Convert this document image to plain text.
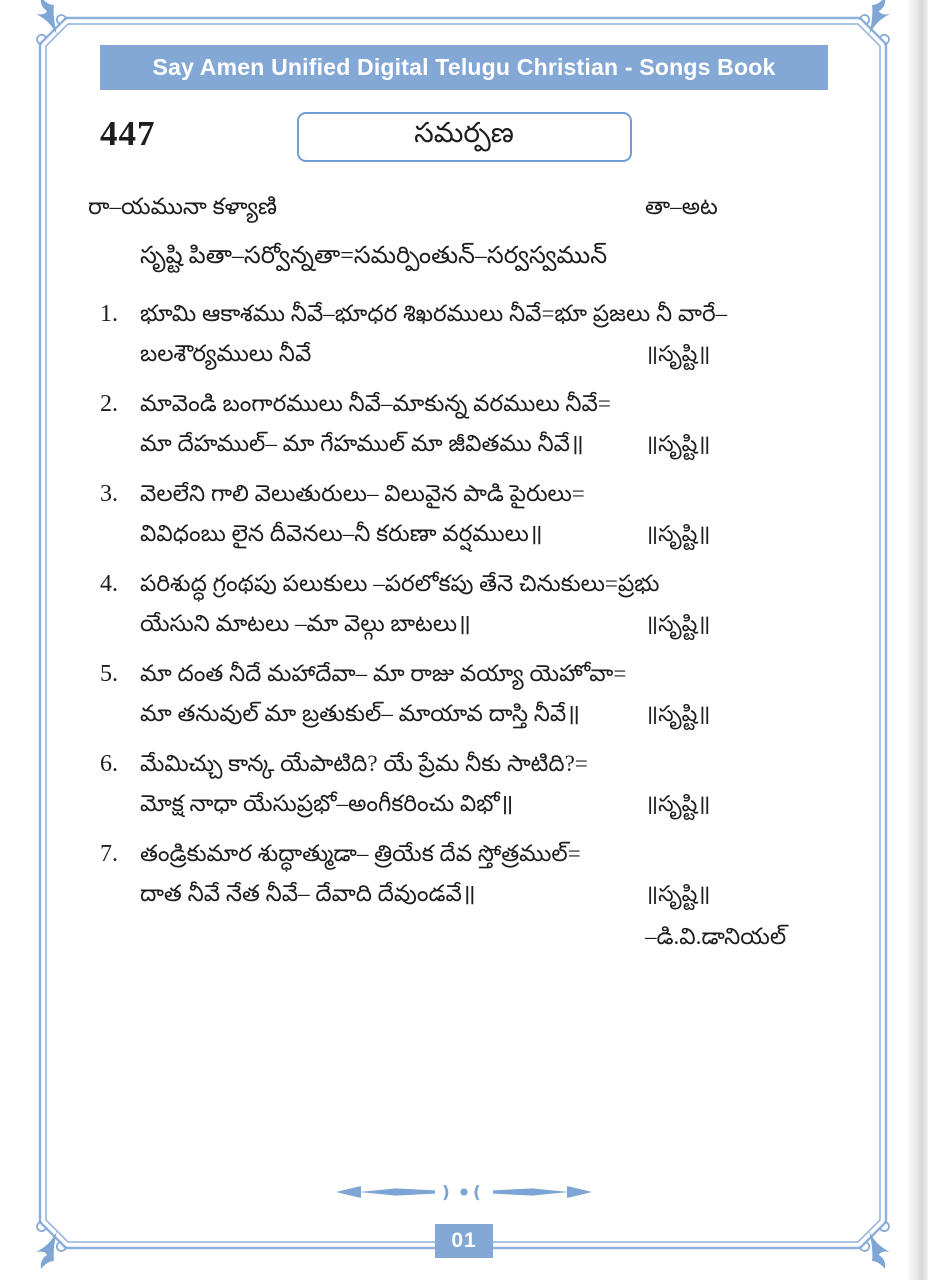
Say Amen Unified Digital Telugu Christian - Songs Book
447	సమర్పణ
రా–యమునా కళ్యాణి	తా–అట
సృష్టి పితా–సర్వోన్నతా=సమర్పింతున్–సర్వస్వమున్
1. భూమి ఆకాశము నీవే–భూధర శిఖరములు నీవే=భూ ప్రజలు నీ వారే–
బలశౌర్యములు నీవే	॥సృష్టి॥
2. మావెండి బంగారములు నీవే–మాకున్న వరములు నీవే=
మా దేహముల్– మా గేహముల్ మా జీవితము నీవే॥	॥సృష్టి॥
3. వెలలేని గాలి వెలుతురులు– విలువైన పాడి పైరులు=
వివిధంబు లైన దీవెనలు–నీ కరుణా వర్షములు॥	॥సృష్టి॥
4. పరిశుద్ధ గ్రంథపు పలుకులు –పరలోకపు తేనె చినుకులు=ప్రభు
యేసుని మాటలు –మా వెల్గు బాటలు॥	॥సృష్టి॥
5. మా దంత నీదే మహాదేవా– మా రాజు వయ్యా యెహోవా=
మా తనువుల్ మా బ్రతుకుల్– మాయావ దాస్తి నీవే॥	॥సృష్టి॥
6. మేమిచ్చు కాన్క యేపాటిది? యే ప్రేమ నీకు సాటిది?=
మోక్ష నాధా యేసుప్రభో–అంగీకరించు విభో॥	॥సృష్టి॥
7. తండ్రికుమార శుద్ధాత్ముడా– త్రియేక దేవ స్తోత్రముల్=
దాత నీవే నేత నీవే– దేవాది దేవుండవే॥	॥సృష్టి॥
–డి.వి.డానియల్
) (
01
